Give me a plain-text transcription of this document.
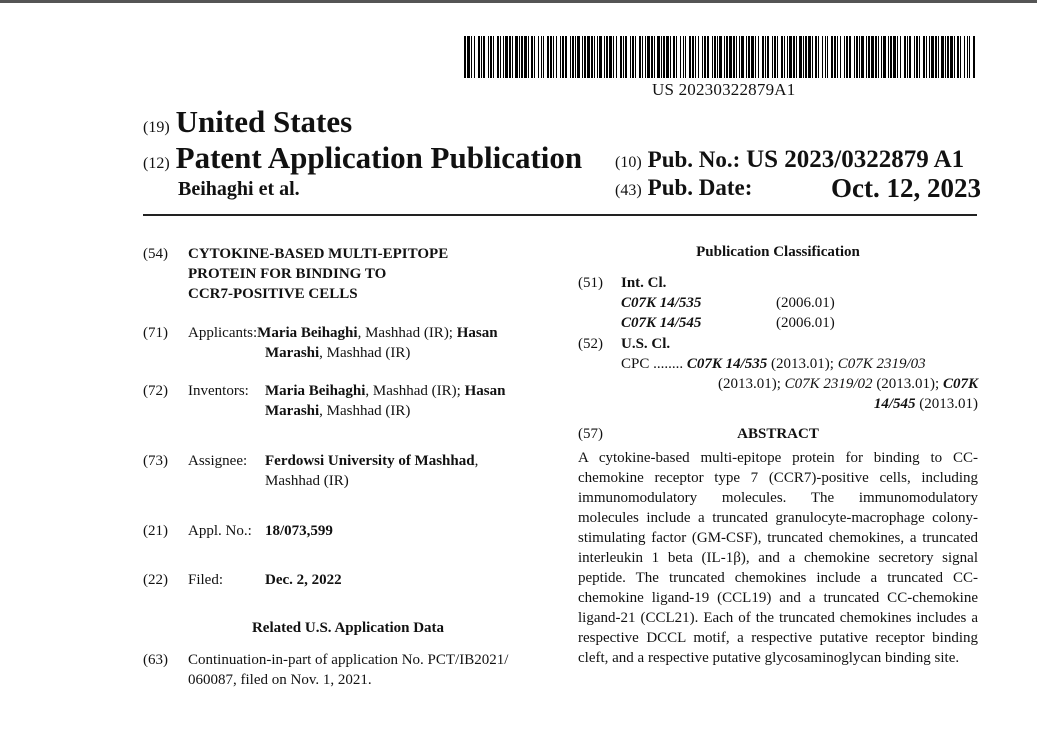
US 20230322879A1
(19) United States
(12) Patent Application Publication
Beihaghi et al.
(10) Pub. No.: US 2023/0322879 A1
(43) Pub. Date:	Oct. 12, 2023
(54) CYTOKINE-BASED MULTI-EPITOPE
PROTEIN FOR BINDING TO
CCR7-POSITIVE CELLS
(71) Applicants:Maria Beihaghi, Mashhad (IR); Hasan
Marashi, Mashhad (IR)
(72) Inventors: Maria Beihaghi, Mashhad (IR); Hasan
Marashi, Mashhad (IR)
(73) Assignee: Ferdowsi University of Mashhad,
Mashhad (IR)
(21) Appl. No.: 18/073,599
(22) Filed:	Dec. 2, 2022
Related U.S. Application Data
(63) Continuation-in-part of application No. PCT/IB2021/
060087, filed on Nov. 1, 2021.
Publication Classification
(51) Int. Cl.
C07K 14/535	(2006.01)
C07K 14/545	(2006.01)
(52) U.S. Cl.
CPC ........ C07K 14/535 (2013.01); C07K 2319/03
(2013.01); C07K 2319/02 (2013.01); C07K
14/545 (2013.01)
(57)	ABSTRACT
A cytokine-based multi-epitope protein for binding to CC-chemokine receptor type 7 (CCR7)-positive cells, including immunomodulatory molecules. The immunomodulatory molecules include a truncated granulocyte-macrophage colony-stimulating factor (GM-CSF), truncated chemokines, a truncated interleukin 1 beta (IL-1β), and a chemokine secretory signal peptide. The truncated chemokines include a truncated CC-chemokine ligand-19 (CCL19) and a truncated CC-chemokine ligand-21 (CCL21). Each of the truncated chemokines includes a respective DCCL motif, a respective putative receptor binding cleft, and a respective putative glycosaminoglycan binding site.
